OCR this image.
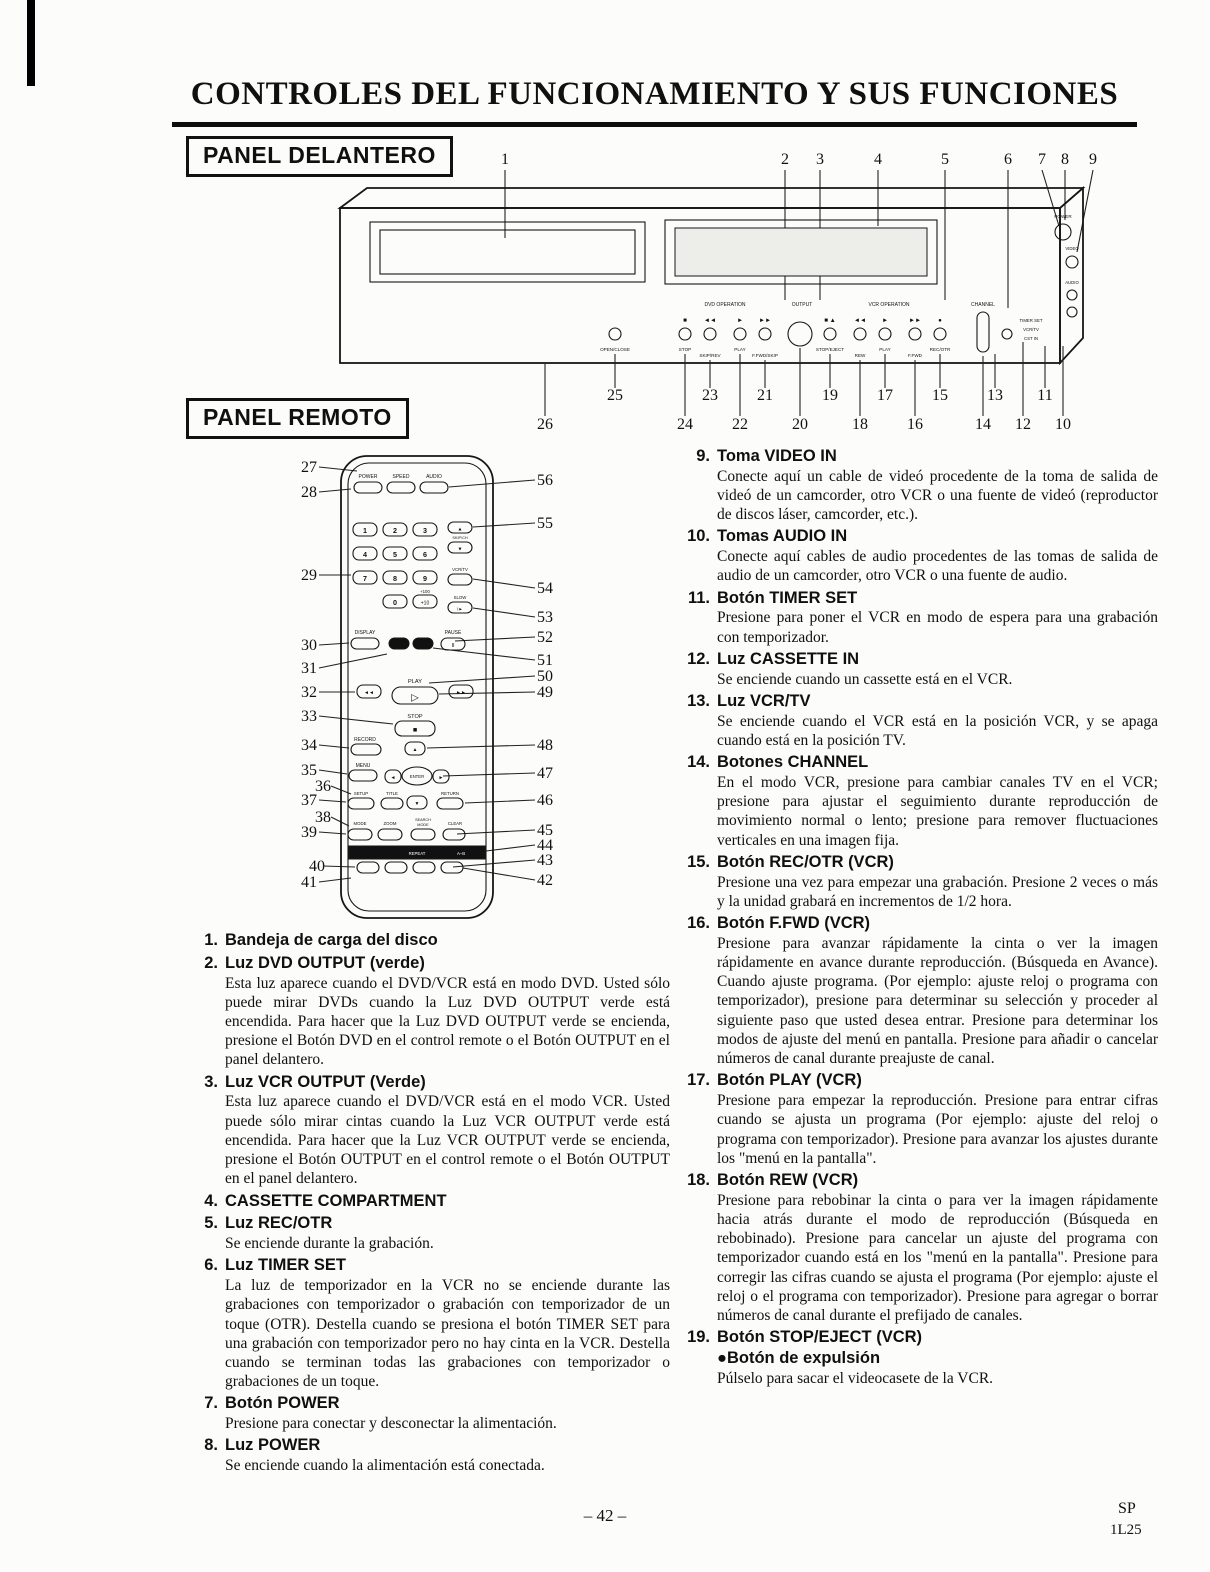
CONTROLES DEL FUNCIONAMIENTO Y SUS FUNCIONES
PANEL DELANTERO
PANEL REMOTO
1	2 3	4	5	6 7 8 9
DVD OPERATION	OUTPUT	VCR OPERATION	CHANNEL
■	◄◄	►	►►	■ ▲	◄◄	►	►►	●
OPEN/CLOSE	STOP
SKIP/REV
PLAY
F.FWD/SKIP
STOP/EJECT
REW
PLAY
F.FWD
REC/OTR
TIMER SET
VCR/TV
CST IN
POWER
VIDEO
AUDIO
25	23 21	19 17 15 13 11
26	24 22	20	18 16	14 12 10
27
28
29
30
31
32
33
34
35
36
37
38
39
40
41
56
55
54
53
52
51
50
49
48
47
46
45
44
43
42
POWER	SPEED	AUDIO
1	2	3
4	5	6
7	8	9
0
+100
+10
▲
SKIP/CH
▼
VCR/TV
SLOW
I►
DISPLAY	PAUSE
II
◄◄
PLAY
▷	►►
STOP
■
RECORD
▲
MENU
◄	ENTER	►
SETUP	TITLE	RETURN
▼
MODE	ZOOM
SEARCH
MODE	CLEAR
REPEAT	A–B
1. Bandeja de carga del disco
2. Luz DVD OUTPUT (verde)
Esta luz aparece cuando el DVD/VCR está en modo DVD. Usted sólo puede mirar DVDs cuando la Luz DVD OUTPUT verde está encendida. Para hacer que la Luz DVD OUTPUT verde se encienda, presione el Botón DVD en el control remote o el Botón OUTPUT en el panel delantero.
3. Luz VCR OUTPUT (Verde)
Esta luz aparece cuando el DVD/VCR está en el modo VCR. Usted puede sólo mirar cintas cuando la Luz VCR OUTPUT verde está encendida. Para hacer que la Luz VCR OUTPUT verde se encienda, presione el Botón OUTPUT en el control remote o el Botón OUTPUT en el panel delantero.
4. CASSETTE COMPARTMENT
5. Luz REC/OTR
Se enciende durante la grabación.
6. Luz TIMER SET
La luz de temporizador en la VCR no se enciende durante las grabaciones con temporizador o grabación con temporizador de un toque (OTR). Destella cuando se presiona el botón TIMER SET para una grabación con temporizador pero no hay cinta en la VCR. Destella cuando se terminan todas las grabaciones con temporizador o grabaciones de un toque.
7. Botón POWER
Presione para conectar y desconectar la alimentación.
8. Luz POWER
Se enciende cuando la alimentación está conectada.
9. Toma VIDEO IN
Conecte aquí un cable de videó procedente de la toma de salida de videó de un camcorder, otro VCR o una fuente de videó (reproductor de discos láser, camcorder, etc.).
10. Tomas AUDIO IN
Conecte aquí cables de audio procedentes de las tomas de salida de audio de un camcorder, otro VCR o una fuente de audio.
11. Botón TIMER SET
Presione para poner el VCR en modo de espera para una grabación con temporizador.
12. Luz CASSETTE IN
Se enciende cuando un cassette está en el VCR.
13. Luz VCR/TV
Se enciende cuando el VCR está en la posición VCR, y se apaga cuando está en la posición TV.
14. Botones CHANNEL
En el modo VCR, presione para cambiar canales TV en el VCR; presione para ajustar el seguimiento durante reproducción de movimiento normal o lento; presione para remover fluctuaciones verticales en una imagen fija.
15. Botón REC/OTR (VCR)
Presione una vez para empezar una grabación. Presione 2 veces o más y la unidad grabará en incrementos de 1/2 hora.
16. Botón F.FWD (VCR)
Presione para avanzar rápidamente la cinta o ver la imagen rápidamente en avance durante reproducción. (Búsqueda en Avance). Cuando ajuste programa. (Por ejemplo: ajuste reloj o programa con temporizador), presione para determinar su selección y proceder al siguiente paso que usted desea entrar. Presione para determinar los modos de ajuste del menú en pantalla. Presione para añadir o cancelar números de canal durante preajuste de canal.
17. Botón PLAY (VCR)
Presione para empezar la reproducción. Presione para entrar cifras cuando se ajusta un programa (Por ejemplo: ajuste del reloj o programa con temporizador). Presione para avanzar los ajustes durante los "menú en la pantalla".
18. Botón REW (VCR)
Presione para rebobinar la cinta o para ver la imagen rápidamente hacia atrás durante el modo de reproducción (Búsqueda en rebobinado). Presione para cancelar un ajuste del programa con temporizador cuando está en los "menú en la pantalla". Presione para corregir las cifras cuando se ajusta el programa (Por ejemplo: ajuste el reloj o el programa con temporizador). Presione para agregar o borrar números de canal durante el prefijado de canales.
19. Botón STOP/EJECT (VCR)
●Botón de expulsión
Púlselo para sacar el videocasete de la VCR.
– 42 –	SP
1L25
